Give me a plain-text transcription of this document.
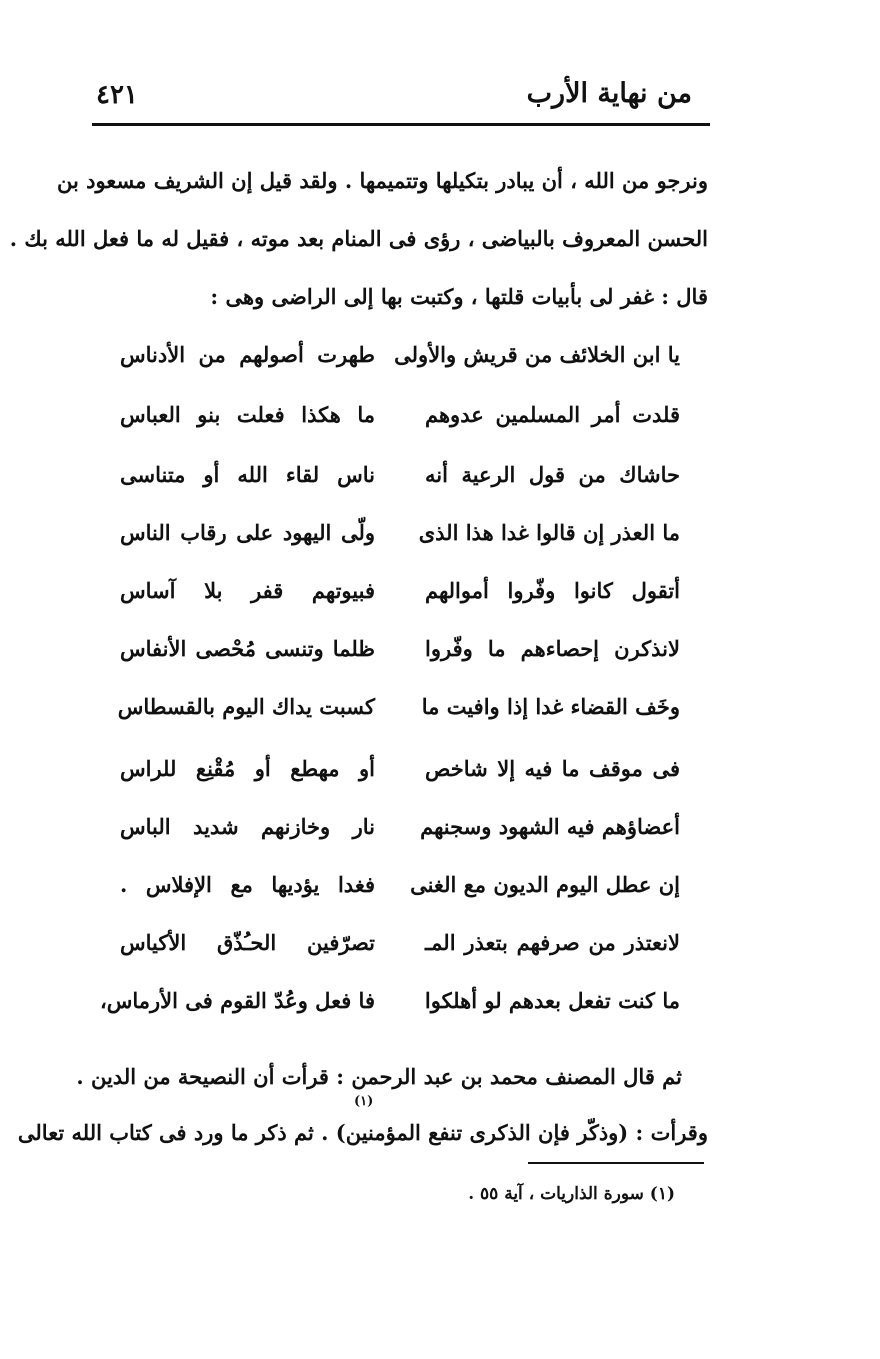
من نهاية الأرب
٤٢١
ونرجو من الله ، أن يبادر بتكيلها وتتميمها . ولقد قيل إن الشريف مسعود بن
الحسن المعروف بالبياضى ، رؤى فى المنام بعد موته ، فقيل له ما فعل الله بك .
قال : غفر لى بأبيات قلتها ، وكتبت بها إلى الراضى وهى :
يا ابن الخلائف من قريش والأولى
طهرت أصولهم من الأدناس
قلدت أمر المسلمين عدوهم
ما هكذا فعلت بنو العباس
حاشاك من قول الرعية أنه
ناس لقاء الله أو متناسى
ما العذر إن قالوا غدا هذا الذى
ولّى اليهود على رقاب الناس
أتقول كانوا وفّروا أموالهم
فبيوتهم قفر بلا آساس
لانذكرن إحصاءهم ما وفّروا
ظلما وتنسى مُحْصى الأنفاس
وخَف القضاء غدا إذا وافيت ما
كسبت يداك اليوم بالقسطاس
فى موقف ما فيه إلا شاخص
أو مهطع أو مُقْنِع للراس
أعضاؤهم فيه الشهود وسجنهم
نار وخازنهم شديد الباس
إن عطل اليوم الديون مع الغنى
فغدا يؤديها مع الإفلاس .
لانعتذر من صرفهم بتعذر المـ
تصرّفين الحـُذّق الأكياس
ما كنت تفعل بعدهم لو أهلكوا
فا فعل وعُدّ القوم فى الأرماس،
ثم قال المصنف محمد بن عبد الرحمن : قرأت أن النصيحة من الدين .
(١)
وقرأت : (وذكّر فإن الذكرى تنفع المؤمنين) . ثم ذكر ما ورد فى كتاب الله تعالى
(١) سورة الذاريات ، آية ٥٥ .
